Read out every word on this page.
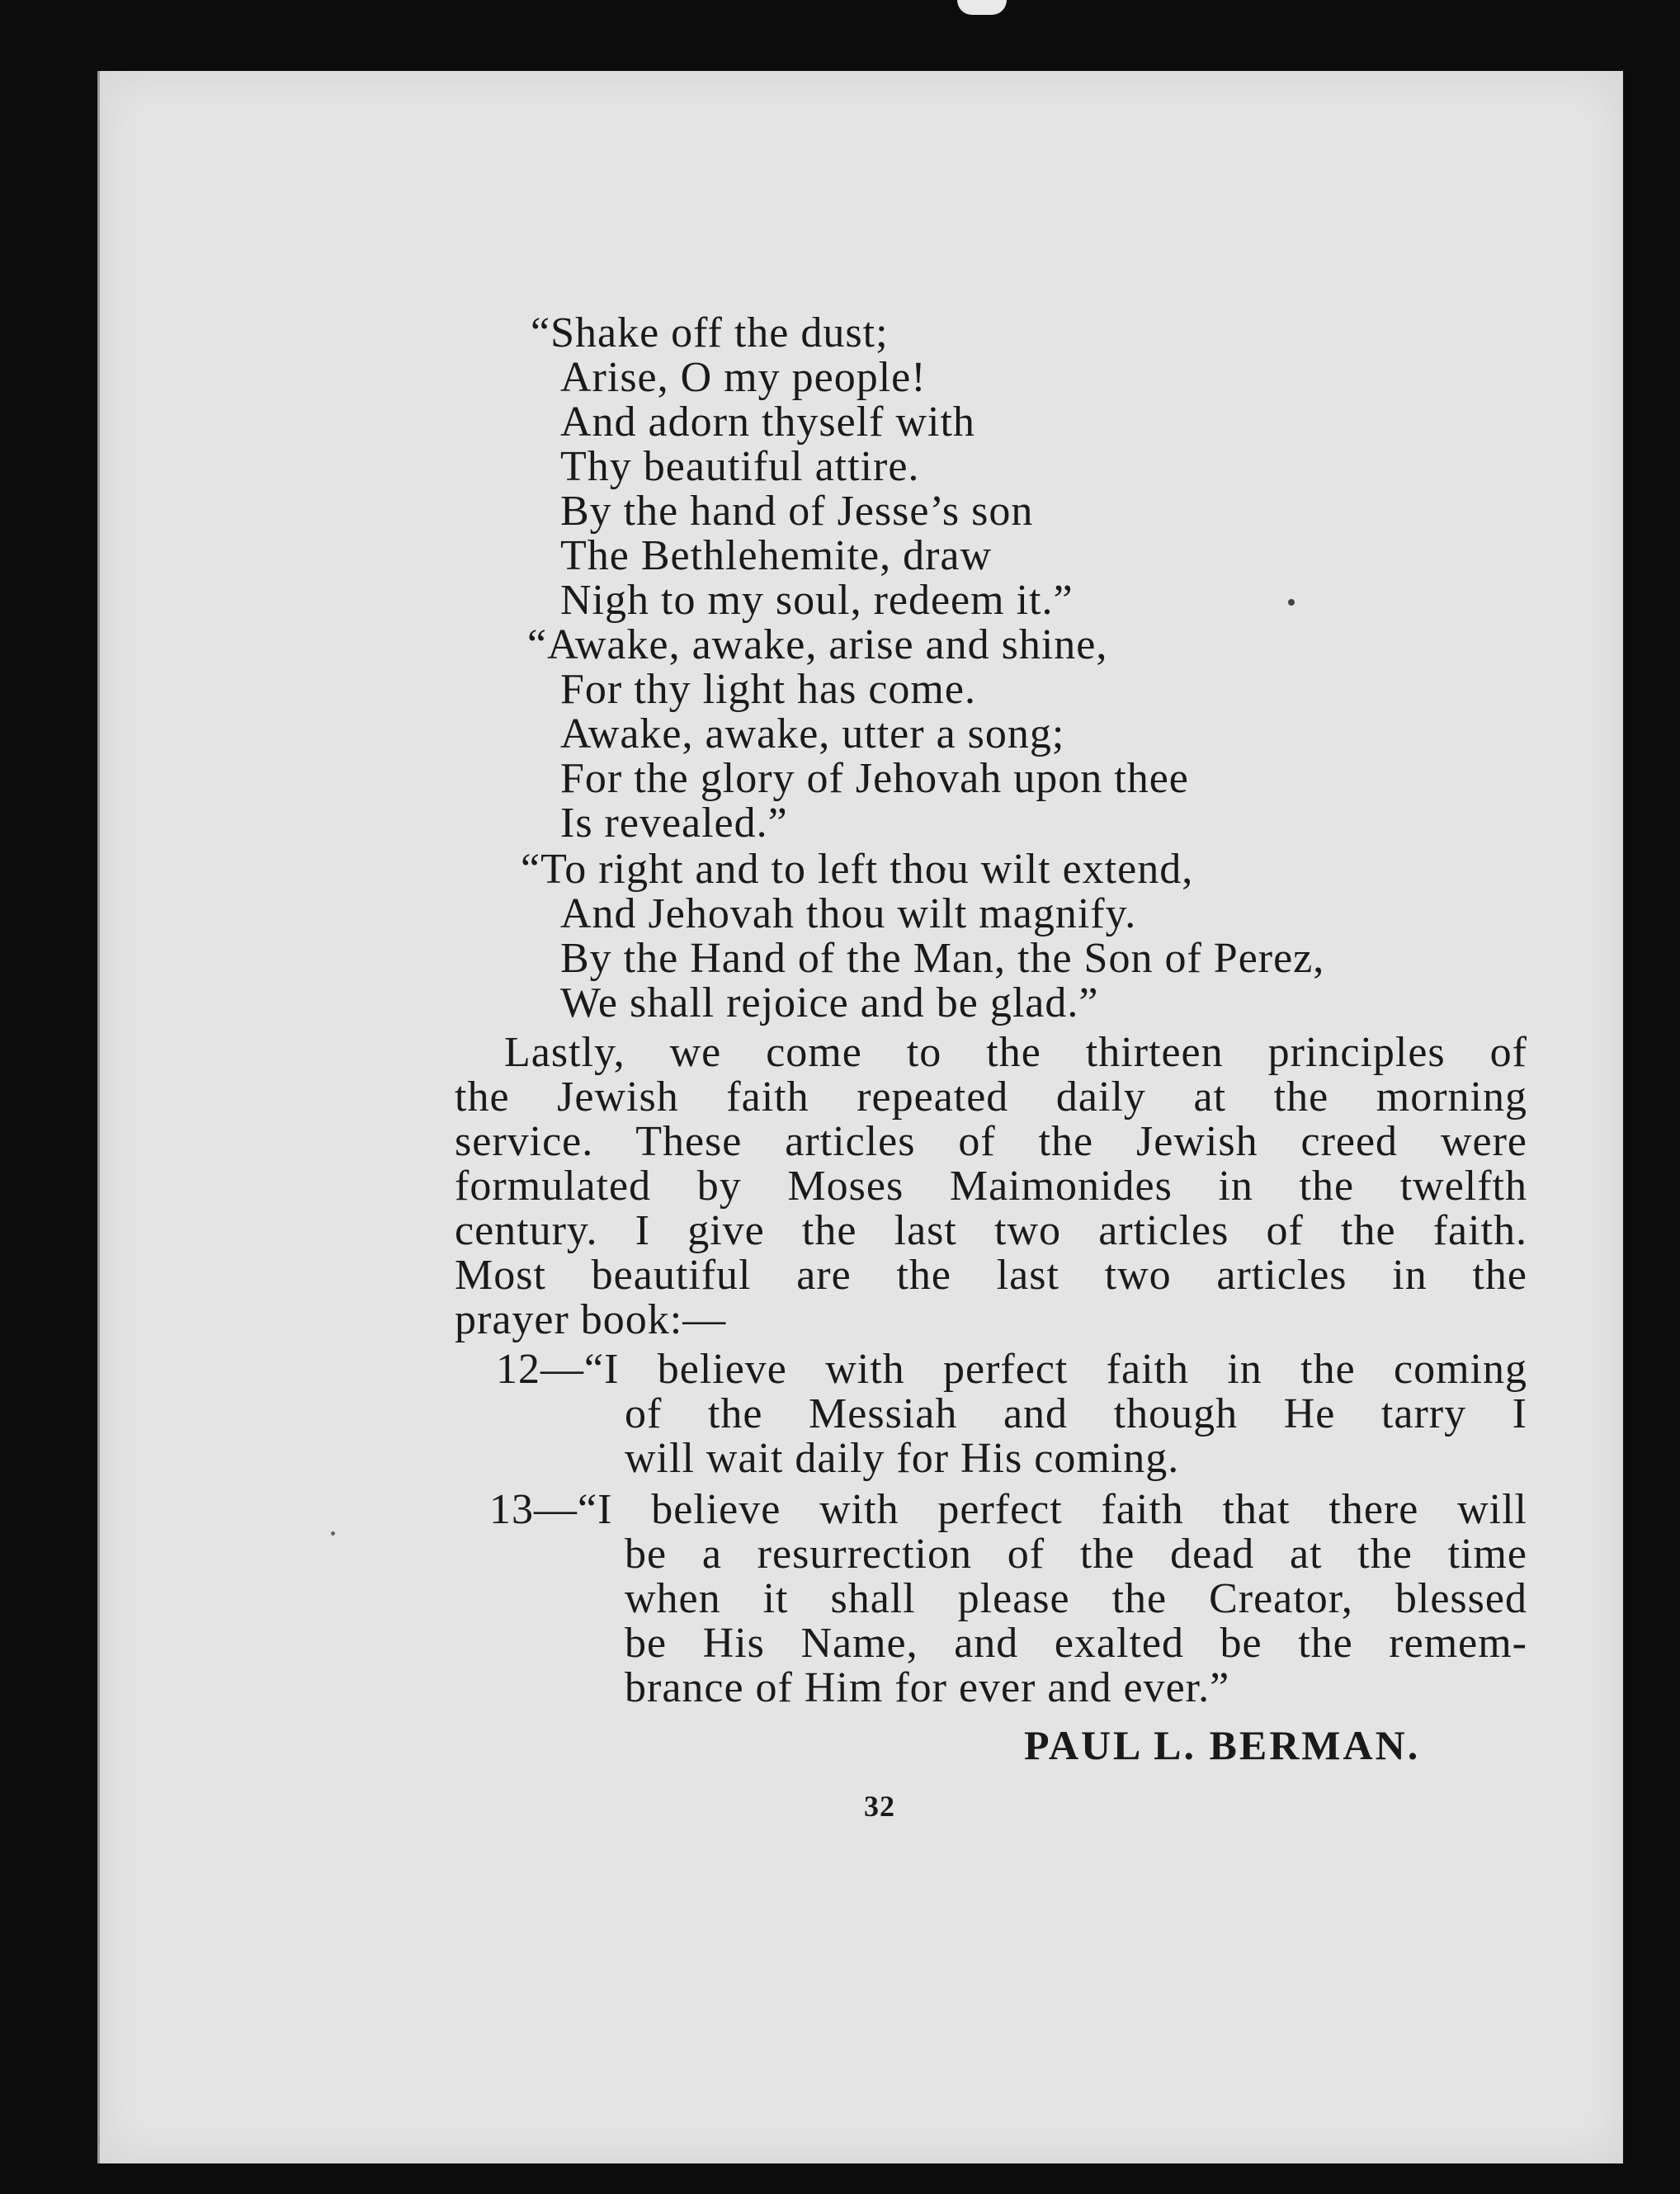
“Shake off the dust;
Arise, O my people!
And adorn thyself with
Thy beautiful attire.
By the hand of Jesse’s son
The Bethlehemite, draw
Nigh to my soul, redeem it.”
“Awake, awake, arise and shine,
For thy light has come.
Awake, awake, utter a song;
For the glory of Jehovah upon thee
Is revealed.”
“To right and to left thou wilt extend,
And Jehovah thou wilt magnify.
By the Hand of the Man, the Son of Perez,
We shall rejoice and be glad.”
Lastly, we come to the thirteen principles of
the Jewish faith repeated daily at the morning
service. These articles of the Jewish creed were
formulated by Moses Maimonides in the twelfth
century. I give the last two articles of the faith.
Most beautiful are the last two articles in the
prayer book:—
12—“I believe with perfect faith in the coming
of the Messiah and though He tarry I
will wait daily for His coming.
13—“I believe with perfect faith that there will
be a resurrection of the dead at the time
when it shall please the Creator, blessed
be His Name, and exalted be the remem-
brance of Him for ever and ever.”
PAUL L. BERMAN.
32
